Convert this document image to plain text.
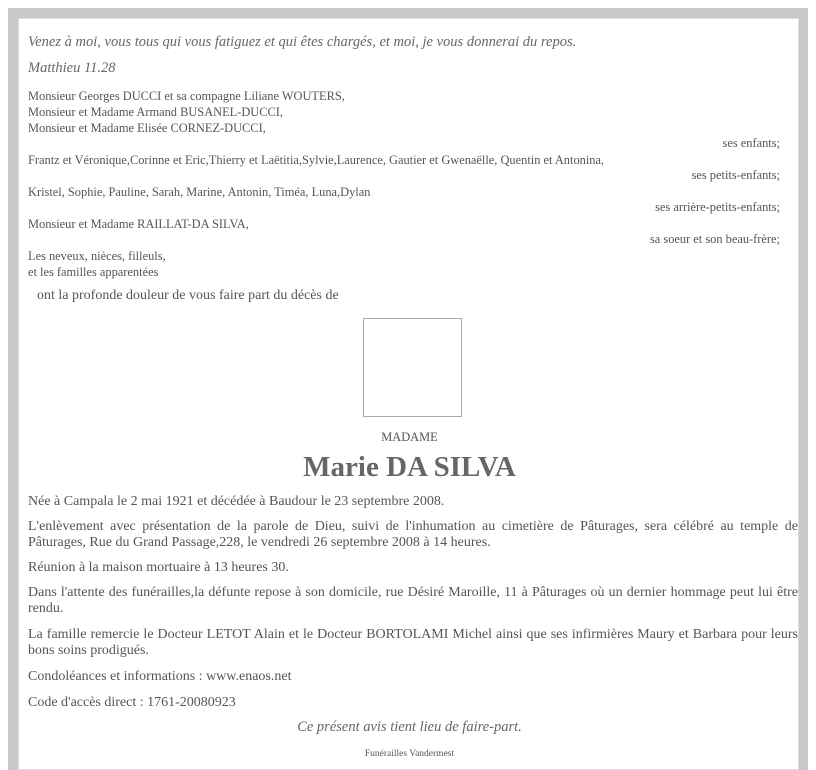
Venez à moi, vous tous qui vous fatiguez et qui êtes chargés, et moi, je vous donnerai du repos.
Matthieu 11.28
Monsieur Georges DUCCI et sa compagne Liliane WOUTERS,
Monsieur et Madame Armand BUSANEL-DUCCI,
Monsieur et Madame Elisée CORNEZ-DUCCI,
ses enfants;
Frantz et Véronique,Corinne et Eric,Thierry et Laëtitia,Sylvie,Laurence, Gautier et Gwenaëlle, Quentin et Antonina,
ses petits-enfants;
Kristel, Sophie, Pauline, Sarah, Marine, Antonin, Timéa, Luna,Dylan
ses arrière-petits-enfants;
Monsieur et Madame RAILLAT-DA SILVA,
sa soeur et son beau-frère;
Les neveux, nièces, filleuls,
et les familles apparentées
ont la profonde douleur de vous faire part du décès de
MADAME
Marie DA SILVA
Née à Campala le 2 mai 1921 et décédée à Baudour le 23 septembre 2008.
L'enlèvement avec présentation de la parole de Dieu, suivi de l'inhumation au cimetière de Pâturages, sera célébré au temple de Pâturages, Rue du Grand Passage,228, le vendredi 26 septembre 2008 à 14 heures.
Réunion à la maison mortuaire à 13 heures 30.
Dans l'attente des funérailles,la défunte repose à son domicile, rue Désiré Maroille, 11 à Pâturages où un dernier hommage peut lui être rendu.
La famille remercie le Docteur LETOT Alain et le Docteur BORTOLAMI Michel ainsi que ses infirmières Maury et Barbara pour leurs bons soins prodigués.
Condoléances et informations : www.enaos.net
Code d'accès direct : 1761-20080923
Ce présent avis tient lieu de faire-part.
Funérailles Vandermest
